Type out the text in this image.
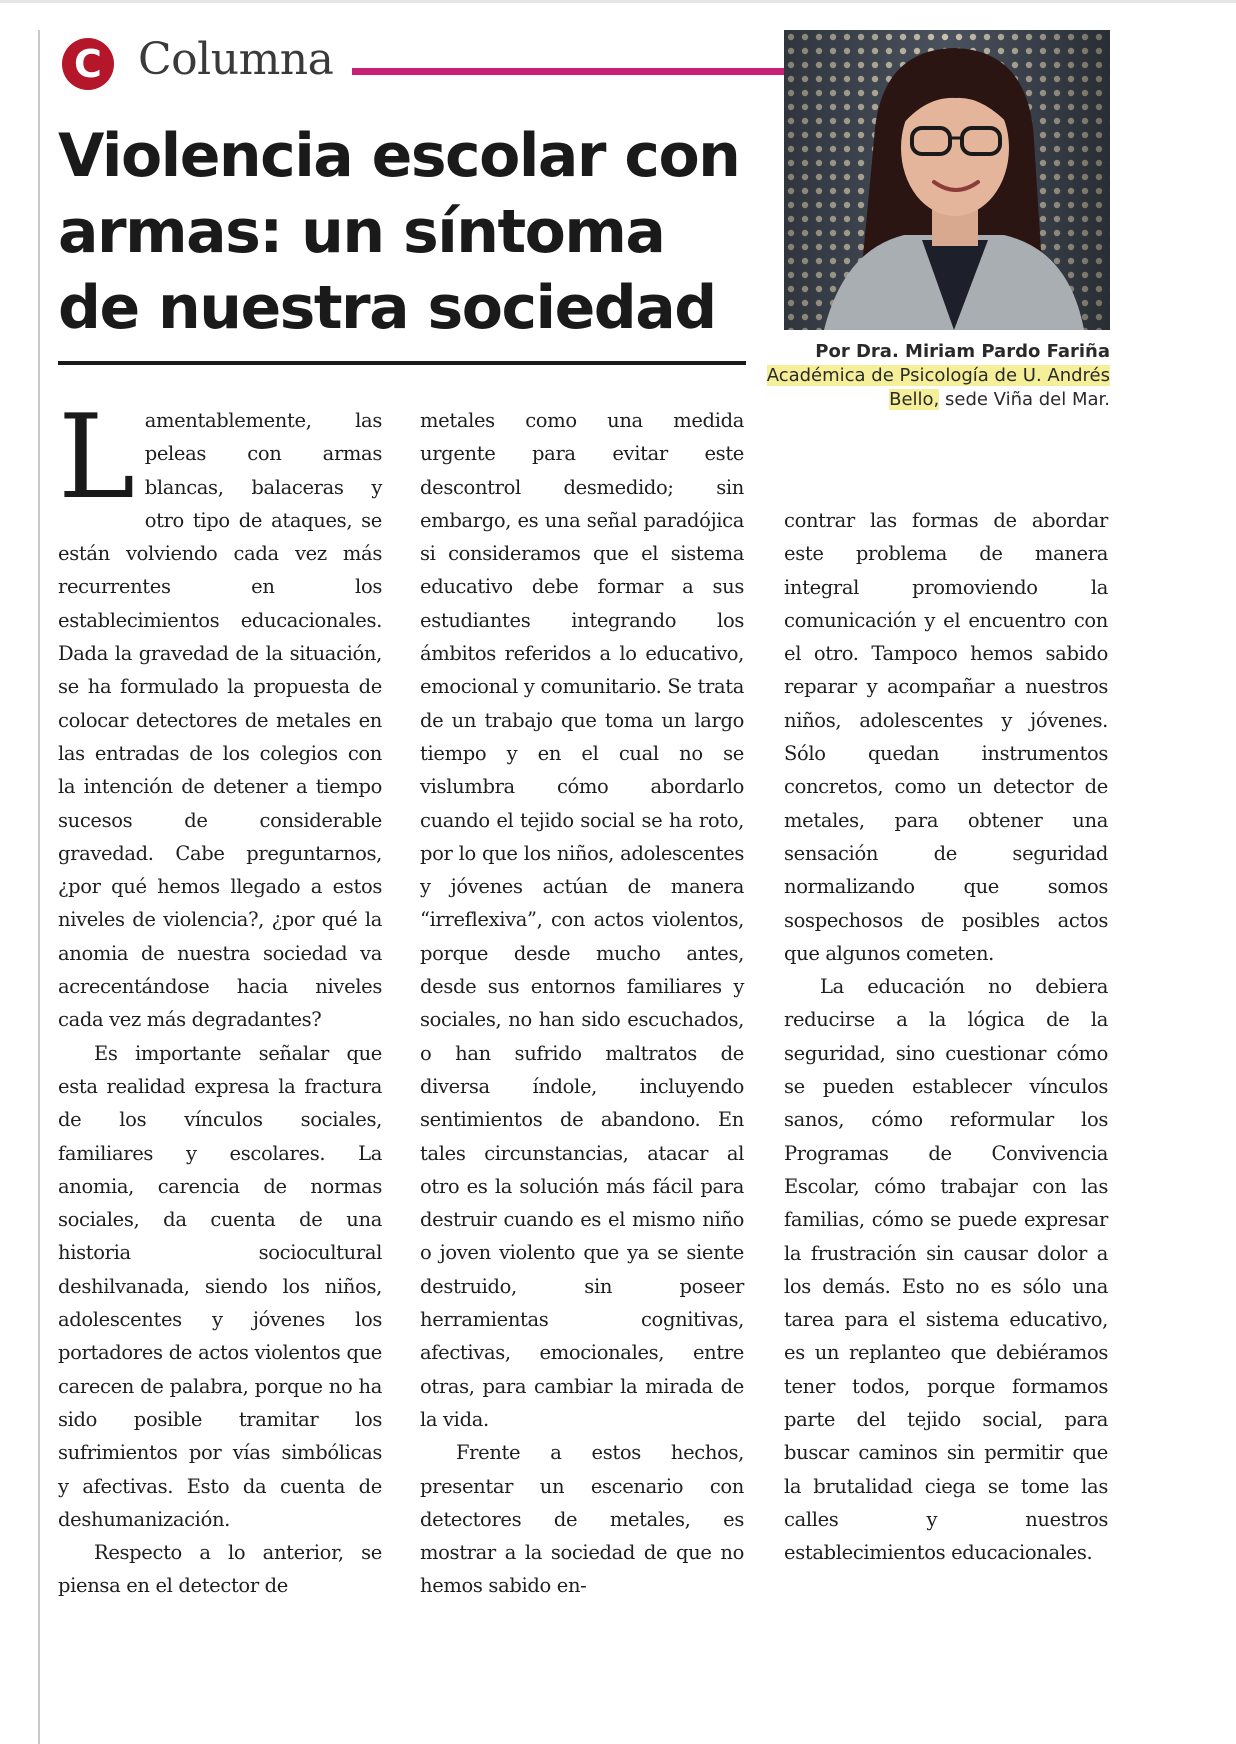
C Columna
Violencia escolar con
armas: un síntoma
de nuestra sociedad
Por Dra. Miriam Pardo Fariña
Académica de Psicología de U. Andrés Bello, sede Viña del Mar.

Lamentablemente, las peleas con armas blancas, balaceras y otro tipo de ataques, se están volviendo cada vez más recurrentes en los establecimientos educacionales. Dada la gravedad de la situación, se ha formulado la propuesta de colocar detectores de metales en las entradas de los colegios con la intención de detener a tiempo sucesos de considerable gravedad. Cabe preguntarnos, ¿por qué hemos llegado a estos niveles de violencia?, ¿por qué la anomia de nuestra sociedad va acrecentándose hacia niveles cada vez más degradantes?

Es importante señalar que esta realidad expresa la fractura de los vínculos sociales, familiares y escolares. La anomia, carencia de normas sociales, da cuenta de una historia sociocultural deshilvanada, siendo los niños, adolescentes y jóvenes los portadores de actos violentos que carecen de palabra, porque no ha sido posible tramitar los sufrimientos por vías simbólicas y afectivas. Esto da cuenta de deshumanización.

Respecto a lo anterior, se piensa en el detector de

metales como una medida urgente para evitar este descontrol desmedido; sin embargo, es una señal paradójica si consideramos que el sistema educativo debe formar a sus estudiantes integrando los ámbitos referidos a lo educativo, emocional y comunitario. Se trata de un trabajo que toma un largo tiempo y en el cual no se vislumbra cómo abordarlo cuando el tejido social se ha roto, por lo que los niños, adolescentes y jóvenes actúan de manera “irreflexiva”, con actos violentos, porque desde mucho antes, desde sus entornos familiares y sociales, no han sido escuchados, o han sufrido maltratos de diversa índole, incluyendo sentimientos de abandono. En tales circunstancias, atacar al otro es la solución más fácil para destruir cuando es el mismo niño o joven violento que ya se siente destruido, sin poseer herramientas cognitivas, afectivas, emocionales, entre otras, para cambiar la mirada de la vida.

Frente a estos hechos, presentar un escenario con detectores de metales, es mostrar a la sociedad de que no hemos sabido en-

contrar las formas de abordar este problema de manera integral promoviendo la comunicación y el encuentro con el otro. Tampoco hemos sabido reparar y acompañar a nuestros niños, adolescentes y jóvenes. Sólo quedan instrumentos concretos, como un detector de metales, para obtener una sensación de seguridad normalizando que somos sospechosos de posibles actos que algunos cometen.

La educación no debiera reducirse a la lógica de la seguridad, sino cuestionar cómo se pueden establecer vínculos sanos, cómo reformular los Programas de Convivencia Escolar, cómo trabajar con las familias, cómo se puede expresar la frustración sin causar dolor a los demás. Esto no es sólo una tarea para el sistema educativo, es un replanteo que debiéramos tener todos, porque formamos parte del tejido social, para buscar caminos sin permitir que la brutalidad ciega se tome las calles y nuestros establecimientos educacionales.
